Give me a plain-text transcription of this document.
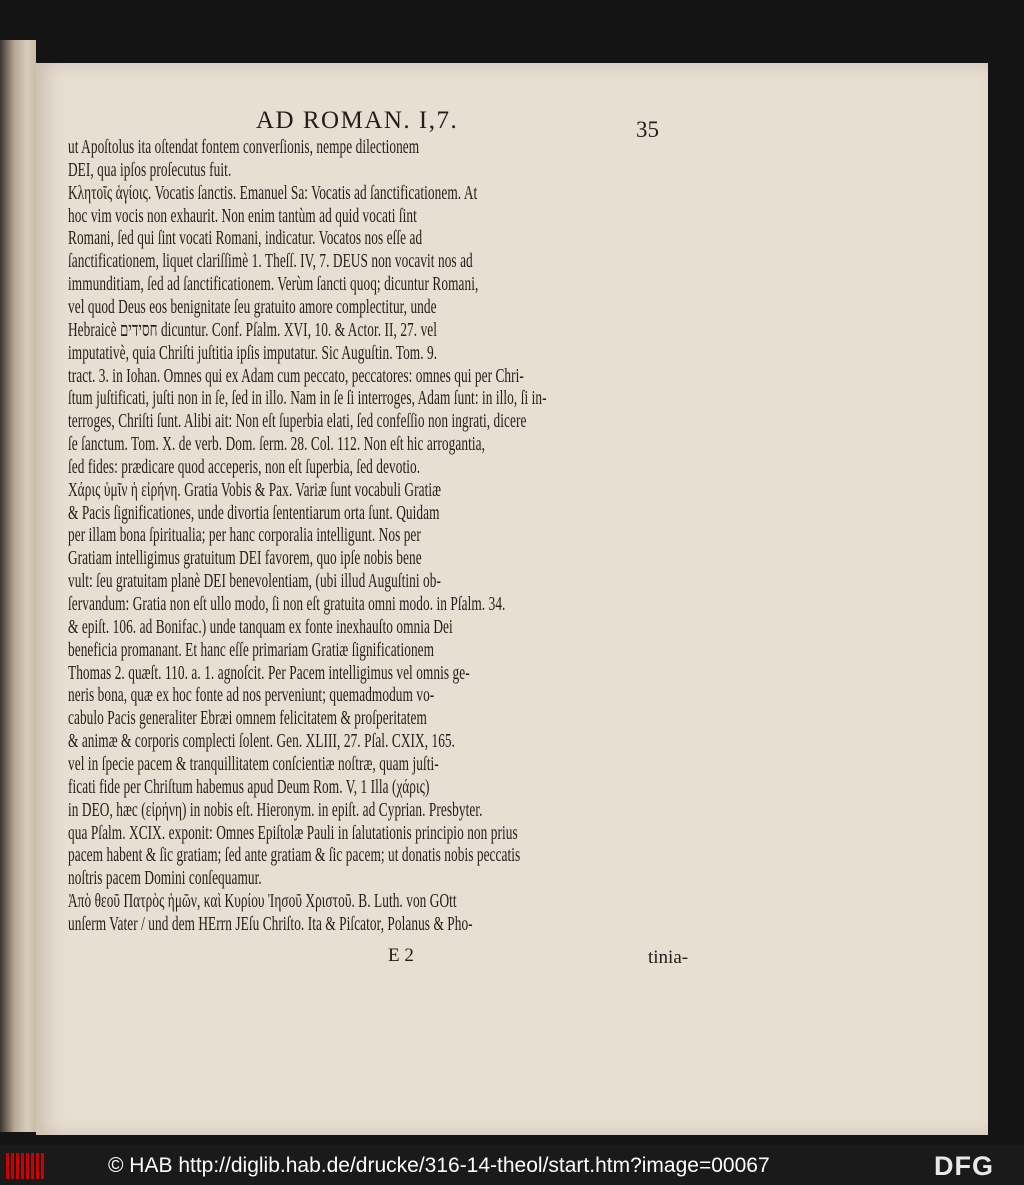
AD ROMAN. I,7.	35
ut Apoſtolus ita oſtendat fontem converſionis, nempe dilectionem
DEI, qua ipſos proſecutus fuit.
Κλητοῖς ἁγίοις. Vocatis ſanctis. Emanuel Sa: Vocatis ad ſanctificationem. At
hoc vim vocis non exhaurit. Non enim tantùm ad quid vocati ſint
Romani, ſed qui ſint vocati Romani, indicatur. Vocatos nos eſſe ad
ſanctificationem, liquet clariſſimè 1. Theſſ. IV, 7. DEUS non vocavit nos ad
immunditiam, ſed ad ſanctificationem. Verùm ſancti quoq; dicuntur Romani,
vel quod Deus eos benignitate ſeu gratuito amore complectitur, unde
Hebraicè חסידים dicuntur. Conf. Pſalm. XVI, 10. & Actor. II, 27. vel
imputativè, quia Chriſti juſtitia ipſis imputatur. Sic Auguſtin. Tom. 9.
tract. 3. in Iohan. Omnes qui ex Adam cum peccato, peccatores: omnes qui per Chri-
ſtum juſtificati, juſti non in ſe, ſed in illo. Nam in ſe ſi interroges, Adam ſunt: in illo, ſi in-
terroges, Chriſti ſunt. Alibi ait: Non eſt ſuperbia elati, ſed confeſſio non ingrati, dicere
ſe ſanctum. Tom. X. de verb. Dom. ſerm. 28. Col. 112. Non eſt hic arrogantia,
ſed fides: prædicare quod acceperis, non eſt ſuperbia, ſed devotio.
Χάρις ὑμῖν ἡ εἰρήνη. Gratia Vobis & Pax. Variæ ſunt vocabuli Gratiæ
& Pacis ſignificationes, unde divortia ſententiarum orta ſunt. Quidam
per illam bona ſpiritualia; per hanc corporalia intelligunt. Nos per
Gratiam intelligimus gratuitum DEI favorem, quo ipſe nobis bene
vult: ſeu gratuitam planè DEI benevolentiam, (ubi illud Auguſtini ob-
ſervandum: Gratia non eſt ullo modo, ſi non eſt gratuita omni modo. in Pſalm. 34.
& epiſt. 106. ad Bonifac.) unde tanquam ex fonte inexhauſto omnia Dei
beneficia promanant. Et hanc eſſe primariam Gratiæ ſignificationem
Thomas 2. quæſt. 110. a. 1. agnoſcit. Per Pacem intelligimus vel omnis ge-
neris bona, quæ ex hoc fonte ad nos perveniunt; quemadmodum vo-
cabulo Pacis generaliter Ebræi omnem felicitatem & proſperitatem
& animæ & corporis complecti ſolent. Gen. XLIII, 27. Pſal. CXIX, 165.
vel in ſpecie pacem & tranquillitatem conſcientiæ noſtræ, quam juſti-
ficati fide per Chriſtum habemus apud Deum Rom. V, 1 Illa (χάρις)
in DEO, hæc (εἰρήνη) in nobis eſt. Hieronym. in epiſt. ad Cyprian. Presbyter.
qua Pſalm. XCIX. exponit: Omnes Epiſtolæ Pauli in ſalutationis principio non prius
pacem habent & ſic gratiam; ſed ante gratiam & ſic pacem; ut donatis nobis peccatis
noſtris pacem Domini conſequamur.
Ἀπὸ θεοῦ Πατρὸς ἡμῶν, καὶ Κυρίου Ἰησοῦ Χριστοῦ. B. Luth. von GOtt
unſerm Vater / und dem HErrn JEſu Chriſto. Ita & Piſcator, Polanus & Pho-
E 2	tinia-
© HAB http://diglib.hab.de/drucke/316-14-theol/start.htm?image=00067	DFG
